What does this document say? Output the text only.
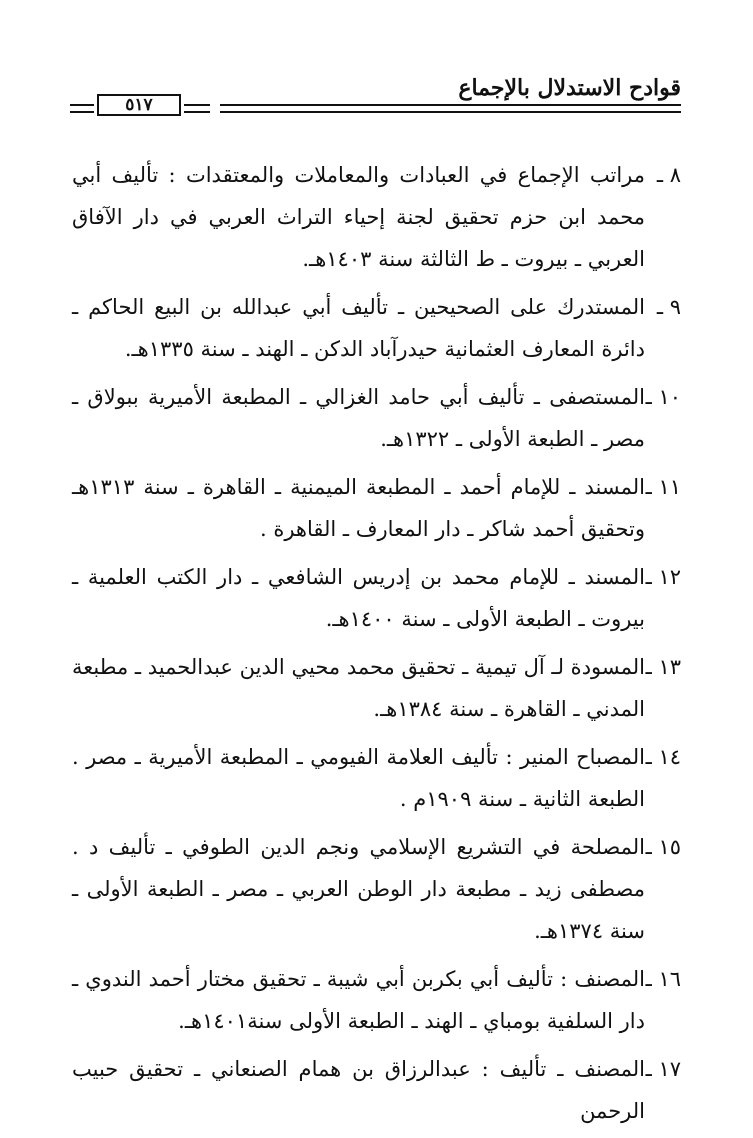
قوادح الاستدلال بالإجماع
٥١٧
٨ ـ
مراتب الإجماع في العبادات والمعاملات والمعتقدات : تأليف أبي محمد ابن حزم تحقيق لجنة إحياء التراث العربي في دار الآفاق العربي ـ بيروت ـ ط الثالثة سنة ١٤٠٣هـ.
٩ ـ
المستدرك على الصحيحين ـ تأليف أبي عبدالله بن البيع الحاكم ـ دائرة المعارف العثمانية حيدرآباد الدكن ـ الهند ـ سنة ١٣٣٥هـ.
١٠ ـ
المستصفى ـ تأليف أبي حامد الغزالي ـ المطبعة الأميرية ببولاق ـ مصر ـ الطبعة الأولى ـ ١٣٢٢هـ.
١١ ـ
المسند ـ للإمام أحمد ـ المطبعة الميمنية ـ القاهرة ـ سنة ١٣١٣هـ وتحقيق أحمد شاكر ـ دار المعارف ـ القاهرة .
١٢ ـ
المسند ـ للإمام محمد بن إدريس الشافعي ـ دار الكتب العلمية ـ بيروت ـ الطبعة الأولى ـ سنة ١٤٠٠هـ.
١٣ ـ
المسودة لـ آل تيمية ـ تحقيق محمد محيي الدين عبدالحميد ـ مطبعة المدني ـ القاهرة ـ سنة ١٣٨٤هـ.
١٤ ـ
المصباح المنير : تأليف العلامة الفيومي ـ المطبعة الأميرية ـ مصر . الطبعة الثانية ـ سنة ١٩٠٩م .
١٥ ـ
المصلحة في التشريع الإسلامي ونجم الدين الطوفي ـ تأليف د . مصطفى زيد ـ مطبعة دار الوطن العربي ـ مصر ـ الطبعة الأولى ـ سنة ١٣٧٤هـ.
١٦ ـ
المصنف : تأليف أبي بكربن أبي شيبة ـ تحقيق مختار أحمد الندوي ـ دار السلفية بومباي ـ الهند ـ الطبعة الأولى سنة١٤٠١هـ.
١٧ ـ
المصنف ـ تأليف : عبدالرزاق بن همام الصنعاني ـ تحقيق حبيب الرحمن
